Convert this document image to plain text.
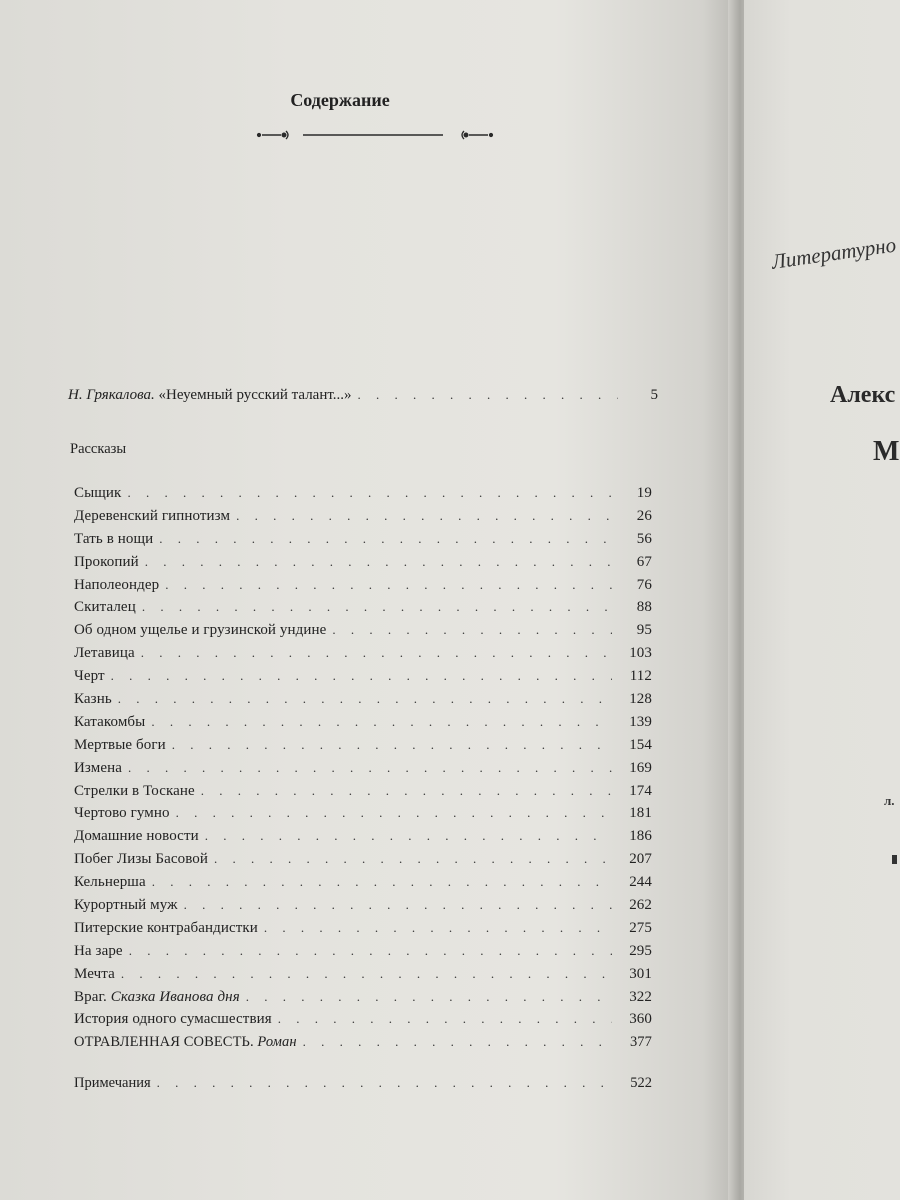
Литературно
Алекс
М
л.
Содержание
Н. Грякалова.
«Неуемный русский талант...» . . .	5
Рассказы
Сыщик . . .	19
Деревенский гипнотизм . . .	26
Тать в нощи . . .	56
Прокопий . . .	67
Наполеондер . . .	76
Скиталец . . .	88
Об одном ущелье и грузинской ундине . . .	95
Летавица . . .	103
Черт . . .	112
Казнь . . .	128
Катакомбы . . .	139
Мертвые боги . . .	154
Измена . . .	169
Стрелки в Тоскане . . .	174
Чертово гумно . . .	181
Домашние новости . . .	186
Побег Лизы Басовой . . .	207
Кельнерша . . .	244
Курортный муж . . .	262
Питерские контрабандистки . . .	275
На заре . . .	295
Мечта . . .	301
Враг.
Сказка Иванова дня . . .	322
История одного сумасшествия . . .	360
ОТРАВЛЕННАЯ СОВЕСТЬ.
Роман . . .	377
Примечания . . .	522
